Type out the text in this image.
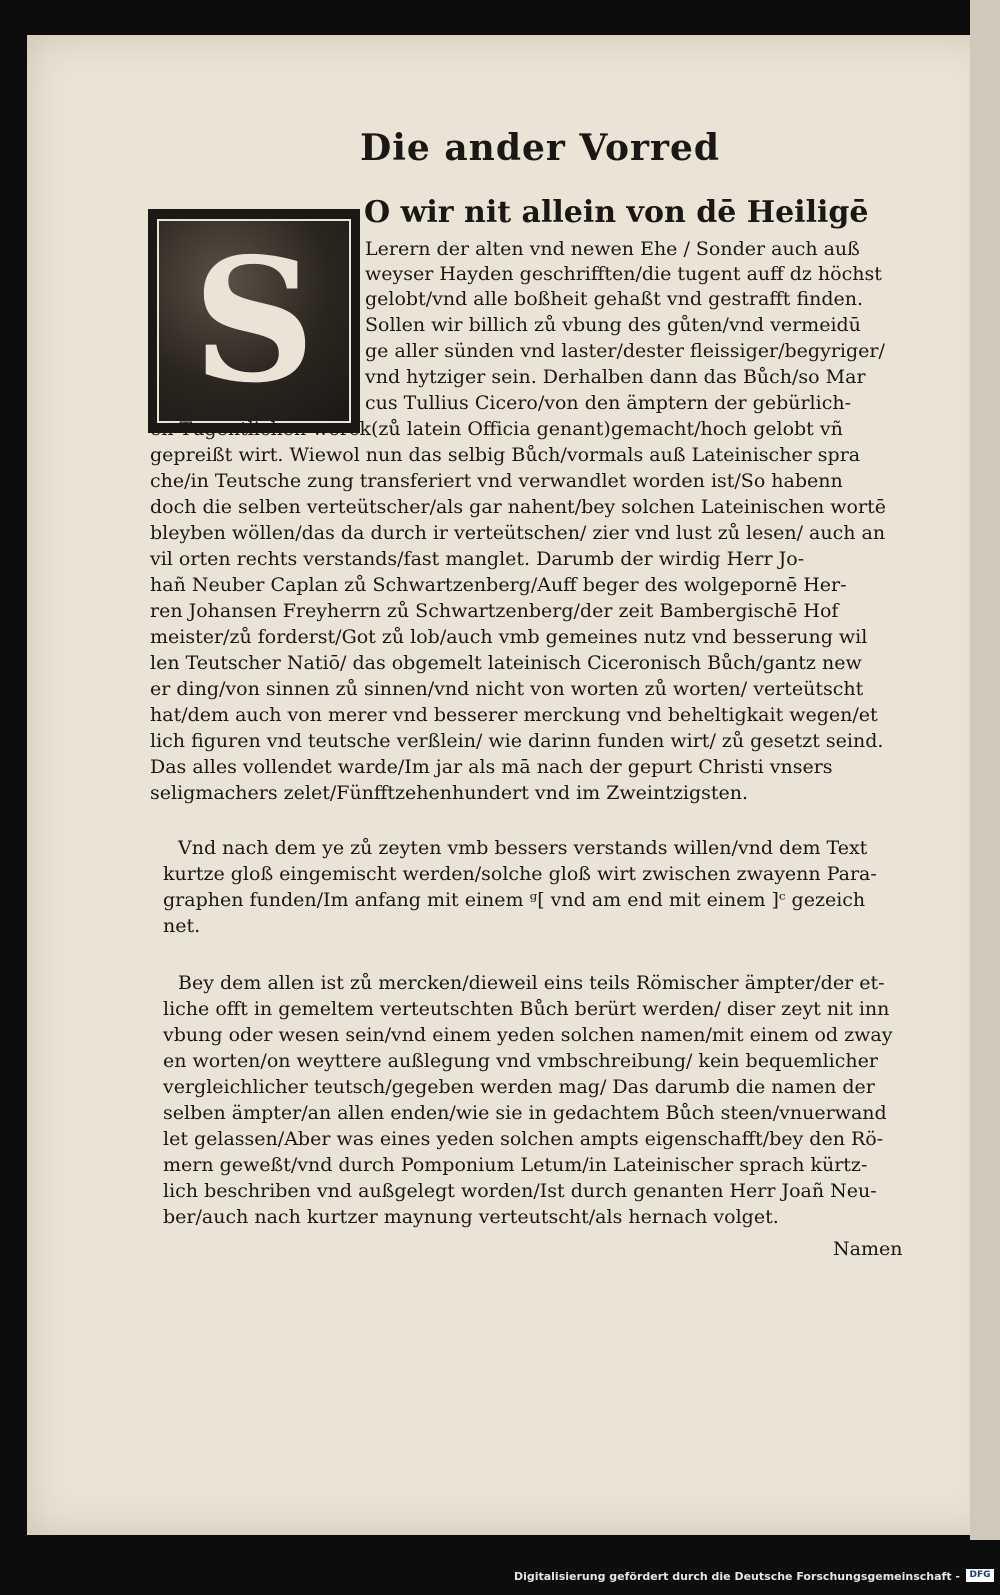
Die ander Vorred
S
O wir nit allein von dē Heiligē
Lerern der alten vnd newen Ehe / Sonder auch auß
weyser Hayden geschrifften/die tugent auff dz höchst
gelobt/vnd alle boßheit gehaßt vnd gestrafft finden.
Sollen wir billich zů vbung des gůten/vnd vermeidū
ge aller sünden vnd laster/dester fleissiger/begyriger/
vnd hytziger sein. Derhalben dann das Bůch/so Mar
cus Tullius Cicero/von den ämptern der gebürlich-
en Tugentlichen werck(zů latein Officia genant)gemacht/hoch gelobt vñ
gepreißt wirt. Wiewol nun das selbig Bůch/vormals auß Lateinischer spra
che/in Teutsche zung transferiert vnd verwandlet worden ist/So habenn
doch die selben verteütscher/als gar nahent/bey solchen Lateinischen wortē
bleyben wöllen/das da durch ir verteütschen/ zier vnd lust zů lesen/ auch an
vil orten rechts verstands/fast manglet. Darumb der wirdig Herr Jo-
hañ Neuber Caplan zů Schwartzenberg/Auff beger des wolgepornē Her-
ren Johansen Freyherrn zů Schwartzenberg/der zeit Bambergischē Hof
meister/zů forderst/Got zů lob/auch vmb gemeines nutz vnd besserung wil
len Teutscher Natiō/ das obgemelt lateinisch Ciceronisch Bůch/gantz new
er ding/von sinnen zů sinnen/vnd nicht von worten zů worten/ verteütscht
hat/dem auch von merer vnd besserer merckung vnd beheltigkait wegen/et
lich figuren vnd teutsche verßlein/ wie darinn funden wirt/ zů gesetzt seind.
Das alles vollendet warde/Im jar als mā nach der gepurt Christi vnsers
seligmachers zelet/Fünfftzehenhundert vnd im Zweintzigsten.
Vnd nach dem ye zů zeyten vmb bessers verstands willen/vnd dem Text
kurtze gloß eingemischt werden/solche gloß wirt zwischen zwayenn Para-
graphen funden/Im anfang mit einem ᵍ[ vnd am end mit einem ]ᶜ gezeich
net.
Bey dem allen ist zů mercken/dieweil eins teils Römischer ämpter/der et-
liche offt in gemeltem verteutschten Bůch berürt werden/ diser zeyt nit inn
vbung oder wesen sein/vnd einem yeden solchen namen/mit einem od zway
en worten/on weyttere außlegung vnd vmbschreibung/ kein bequemlicher
vergleichlicher teutsch/gegeben werden mag/ Das darumb die namen der
selben ämpter/an allen enden/wie sie in gedachtem Bůch steen/vnuerwand
let gelassen/Aber was eines yeden solchen ampts eigenschafft/bey den Rö-
mern geweßt/vnd durch Pomponium Letum/in Lateinischer sprach kürtz-
lich beschriben vnd außgelegt worden/Ist durch genanten Herr Joañ Neu-
ber/auch nach kurtzer maynung verteutscht/als hernach volget.
Namen
Digitalisierung gefördert durch die Deutsche Forschungsgemeinschaft -	DFG
